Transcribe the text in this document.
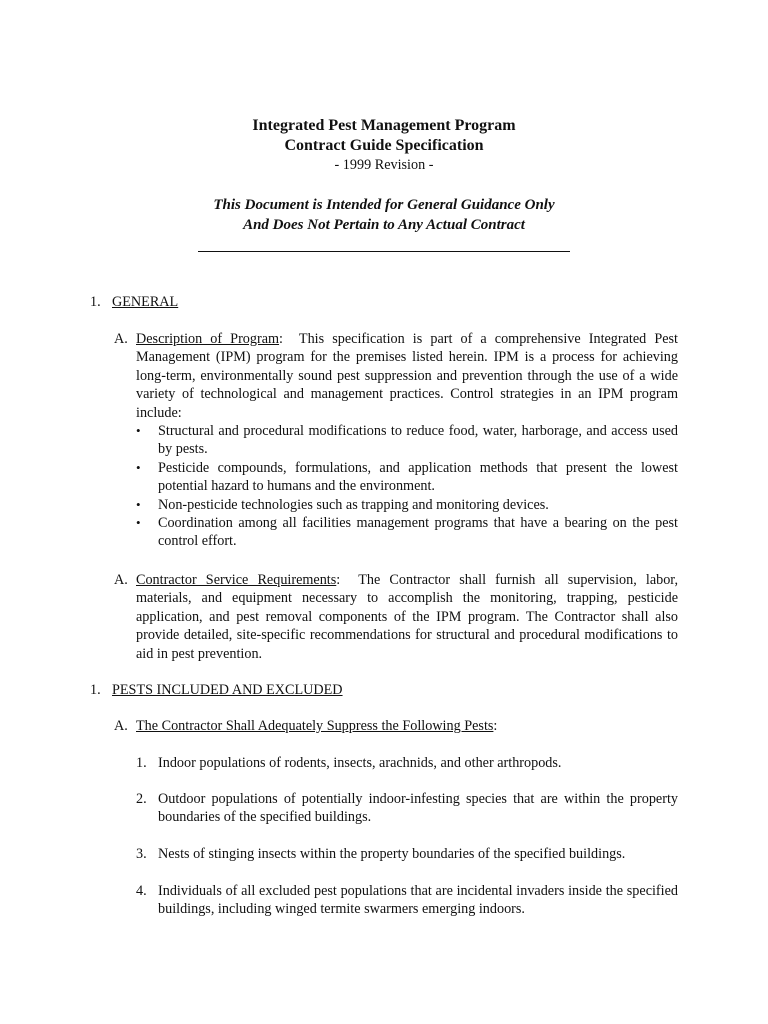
Integrated Pest Management Program
Contract Guide Specification
- 1999 Revision -
This Document is Intended for General Guidance Only
And Does Not Pertain to Any Actual Contract
1. GENERAL
A. Description of Program:  This specification is part of a comprehensive Integrated Pest Management (IPM) program for the premises listed herein. IPM is a process for achieving long-term, environmentally sound pest suppression and prevention through the use of a wide variety of technological and management practices. Control strategies in an IPM program include:
•	Structural and procedural modifications to reduce food, water, harborage, and access used by pests.
•	Pesticide compounds, formulations, and application methods that present the lowest potential hazard to humans and the environment.
•	Non-pesticide technologies such as trapping and monitoring devices.
•	Coordination among all facilities management programs that have a bearing on the pest control effort.
A. Contractor Service Requirements:  The Contractor shall furnish all supervision, labor, materials, and equipment necessary to accomplish the monitoring, trapping, pesticide application, and pest removal components of the IPM program. The Contractor shall also provide detailed, site-specific recommendations for structural and procedural modifications to aid in pest prevention.
1. PESTS INCLUDED AND EXCLUDED
A. The Contractor Shall Adequately Suppress the Following Pests:
1. Indoor populations of rodents, insects, arachnids, and other arthropods.
2. Outdoor populations of potentially indoor-infesting species that are within the property boundaries of the specified buildings.
3. Nests of stinging insects within the property boundaries of the specified buildings.
4. Individuals of all excluded pest populations that are incidental invaders inside the specified buildings, including winged termite swarmers emerging indoors.
